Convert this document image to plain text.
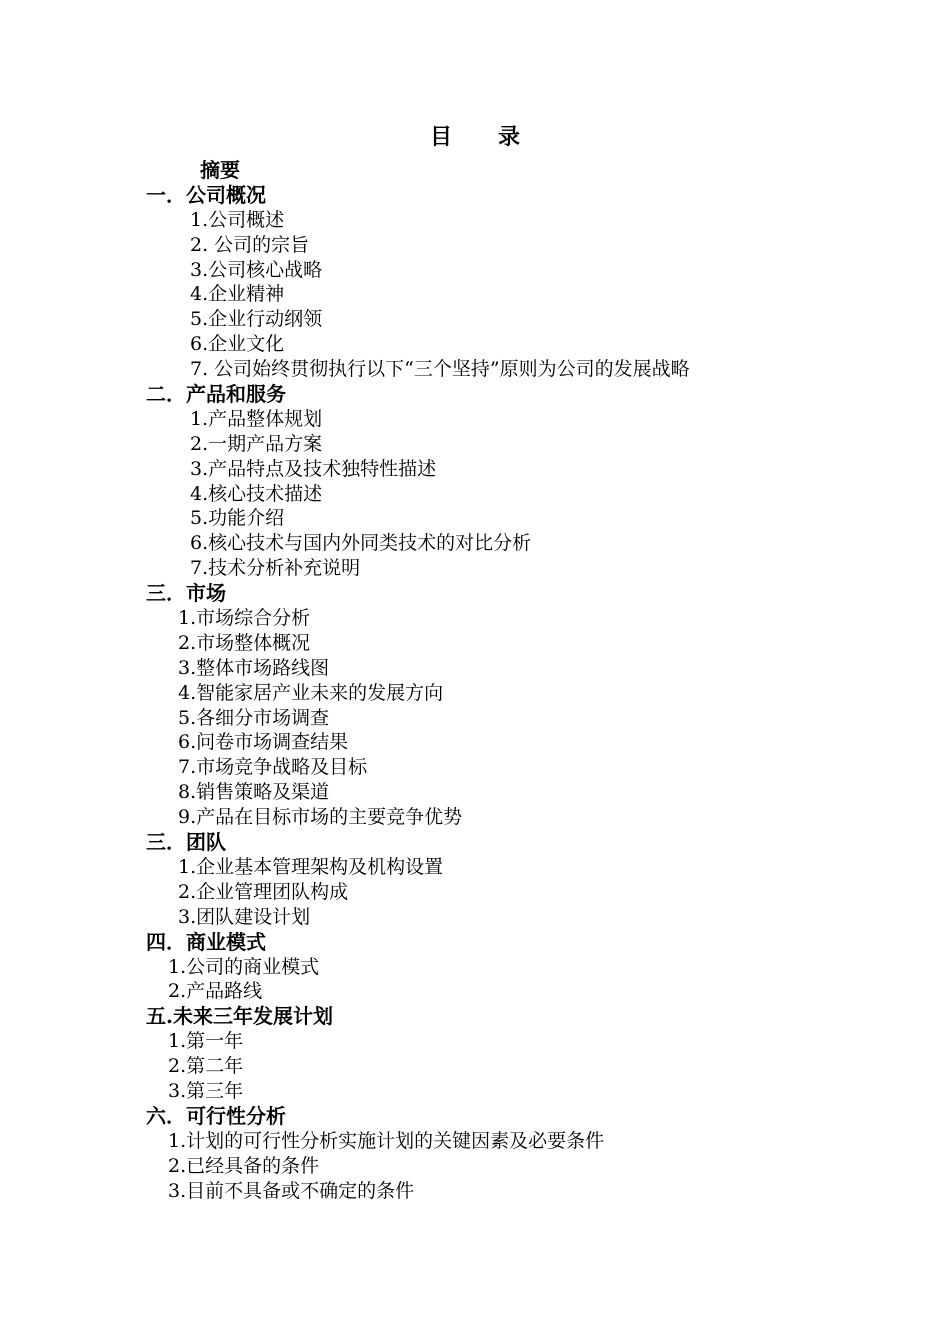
目 录
摘要
一．公司概况
1.公司概述
2. 公司的宗旨
3.公司核心战略
4.企业精神
5.企业行动纲领
6.企业文化
7. 公司始终贯彻执行以下“三个坚持”原则为公司的发展战略
二．产品和服务
1.产品整体规划
2.一期产品方案
3.产品特点及技术独特性描述
4.核心技术描述
5.功能介绍
6.核心技术与国内外同类技术的对比分析
7.技术分析补充说明
三．市场
1.市场综合分析
2.市场整体概况
3.整体市场路线图
4.智能家居产业未来的发展方向
5.各细分市场调查
6.问卷市场调查结果
7.市场竞争战略及目标
8.销售策略及渠道
9.产品在目标市场的主要竞争优势
三．团队
1.企业基本管理架构及机构设置
2.企业管理团队构成
3.团队建设计划
四．商业模式
1.公司的商业模式
2.产品路线
五.未来三年发展计划
1.第一年
2.第二年
3.第三年
六．可行性分析
1.计划的可行性分析实施计划的关键因素及必要条件
2.已经具备的条件
3.目前不具备或不确定的条件
